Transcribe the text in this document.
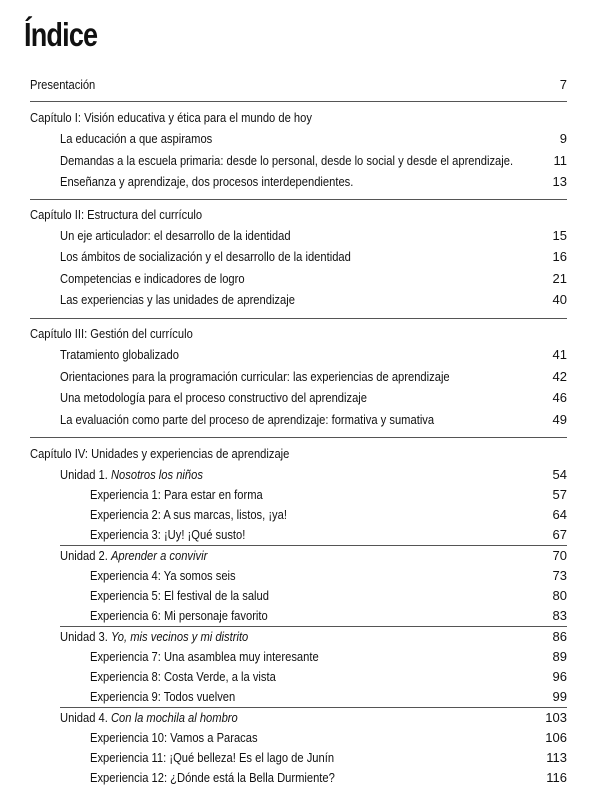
Índice
Presentación	7
Capítulo I: Visión educativa y ética para el mundo de hoy
La educación a que aspiramos	9
Demandas a la escuela primaria: desde lo personal, desde lo social y desde el aprendizaje.	11
Enseñanza y aprendizaje, dos procesos interdependientes.	13
Capítulo II: Estructura del currículo
Un eje articulador: el desarrollo de la identidad	15
Los ámbitos de socialización y el desarrollo de la identidad	16
Competencias e indicadores de logro	21
Las experiencias y las unidades de aprendizaje	40
Capítulo III: Gestión del currículo
Tratamiento globalizado	41
Orientaciones para la programación curricular: las experiencias de aprendizaje	42
Una metodología para el proceso constructivo del aprendizaje	46
La evaluación como parte del proceso de aprendizaje: formativa y sumativa	49
Capítulo IV: Unidades y experiencias de aprendizaje
Unidad 1. Nosotros los niños	54
Experiencia 1: Para estar en forma	57
Experiencia 2: A sus marcas, listos, ¡ya!	64
Experiencia 3: ¡Uy! ¡Qué susto!	67
Unidad 2. Aprender a convivir	70
Experiencia 4: Ya somos seis	73
Experiencia 5: El festival de la salud	80
Experiencia 6: Mi personaje favorito	83
Unidad 3. Yo, mis vecinos y mi distrito	86
Experiencia 7: Una asamblea muy interesante	89
Experiencia 8: Costa Verde, a la vista	96
Experiencia 9: Todos vuelven	99
Unidad 4. Con la mochila al hombro	103
Experiencia 10: Vamos a Paracas	106
Experiencia 11: ¡Qué belleza! Es el lago de Junín	113
Experiencia 12: ¿Dónde está la Bella Durmiente?	116
